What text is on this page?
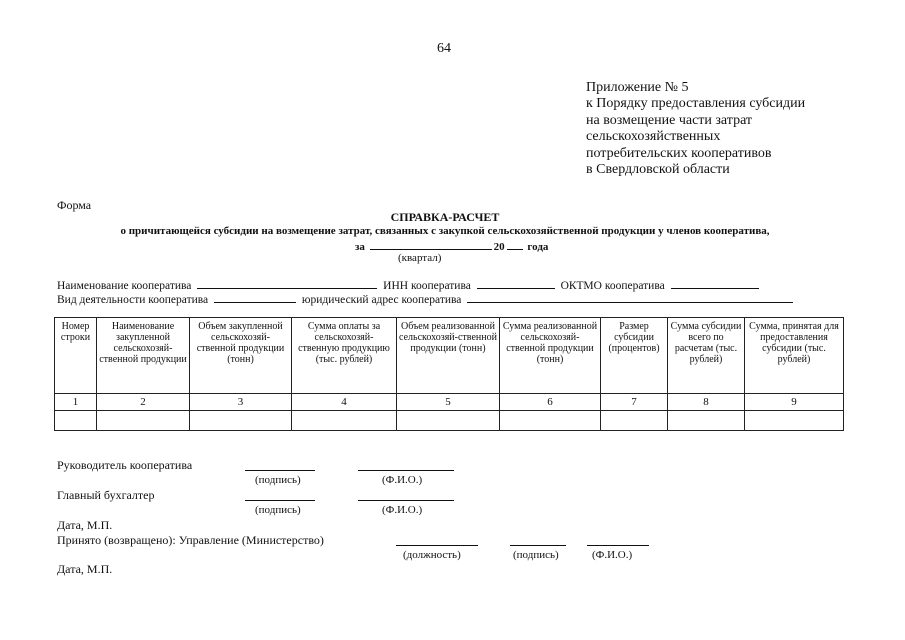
64
Приложение № 5
к Порядку предоставления субсидии
на возмещение части затрат
сельскохозяйственных
потребительских кооперативов
в Свердловской области
Форма
СПРАВКА-РАСЧЕТ
о причитающейся субсидии на возмещение затрат, связанных с закупкой сельскохозяйственной продукции у членов кооператива,
за	20 года
(квартал)
Наименование кооператива	ИНН кооператива	ОКТМО кооператива
Вид деятельности кооператива	юридический адрес кооператива
Номер строки	Наименование закупленной сельскохозяй-ственной продукции	Объем закупленной сельскохозяй-ственной продукции (тонн)	Сумма оплаты за сельскохозяй-ственную продукцию (тыс. рублей)	Объем реализованной сельскохозяй-ственной продукции (тонн)	Сумма реализованной сельскохозяй-ственной продукции (тонн)	Размер субсидии (процентов)	Сумма субсидии всего по расчетам (тыс. рублей)	Сумма, принятая для предоставления субсидии (тыс. рублей)
1	2	3	4	5	6	7	8	9

Руководитель кооператива
(подпись)	(Ф.И.О.)
Главный бухгалтер
(подпись)	(Ф.И.О.)
Дата, М.П.
Принято (возвращено): Управление (Министерство)
(должность)	(подпись)	(Ф.И.О.)
Дата, М.П.
